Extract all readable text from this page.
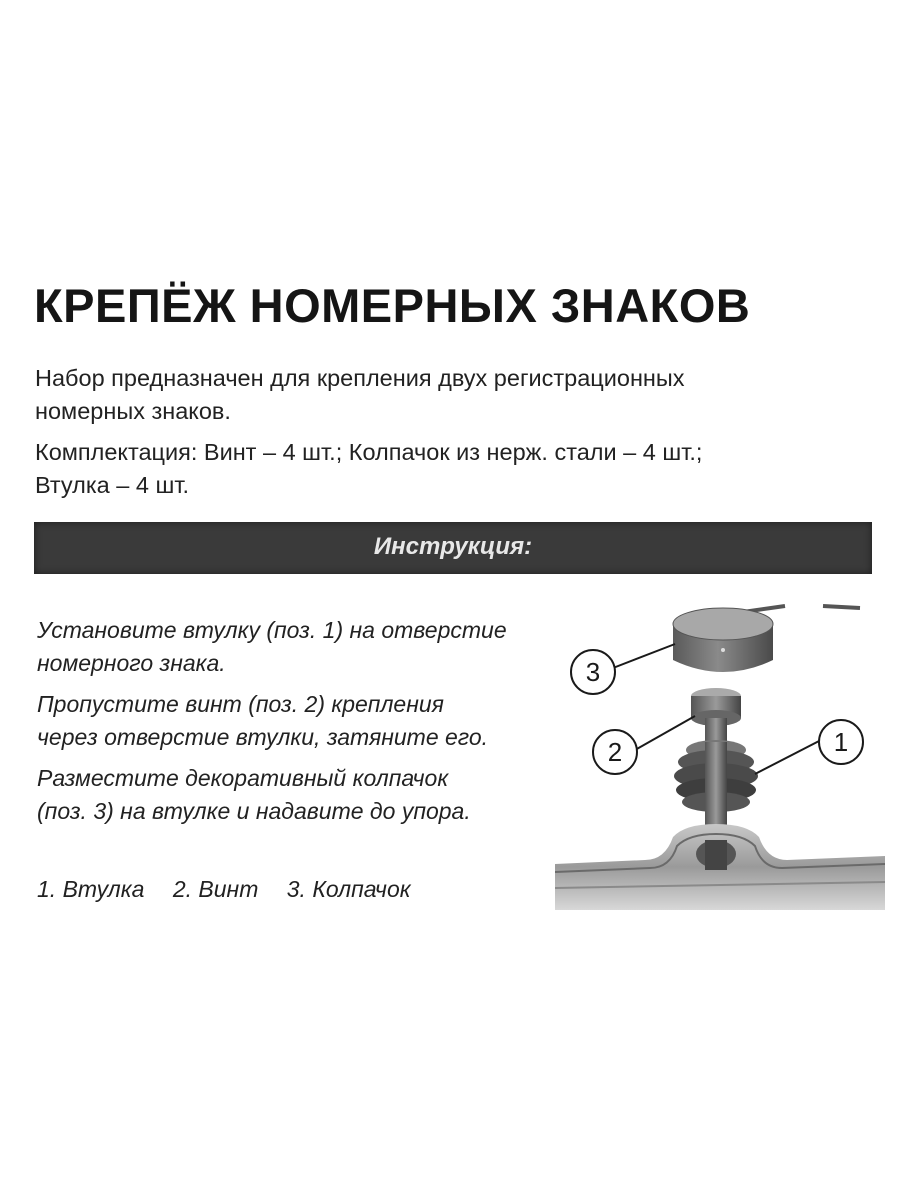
КРЕПЁЖ НОМЕРНЫХ ЗНАКОВ
Набор предназначен для крепления двух регистрационных
номерных знаков.
Комплектация: Винт – 4 шт.; Колпачок из нерж. стали – 4 шт.;
Втулка – 4 шт.
Инструкция:
Установите втулку (поз. 1) на отверстие
номерного знака.
Пропустите винт (поз. 2) крепления
через отверстие втулки, затяните его.
Разместите декоративный колпачок
(поз. 3) на втулке и надавите до упора.
1. Втулка 2. Винт 3. Колпачок
3
2	1
